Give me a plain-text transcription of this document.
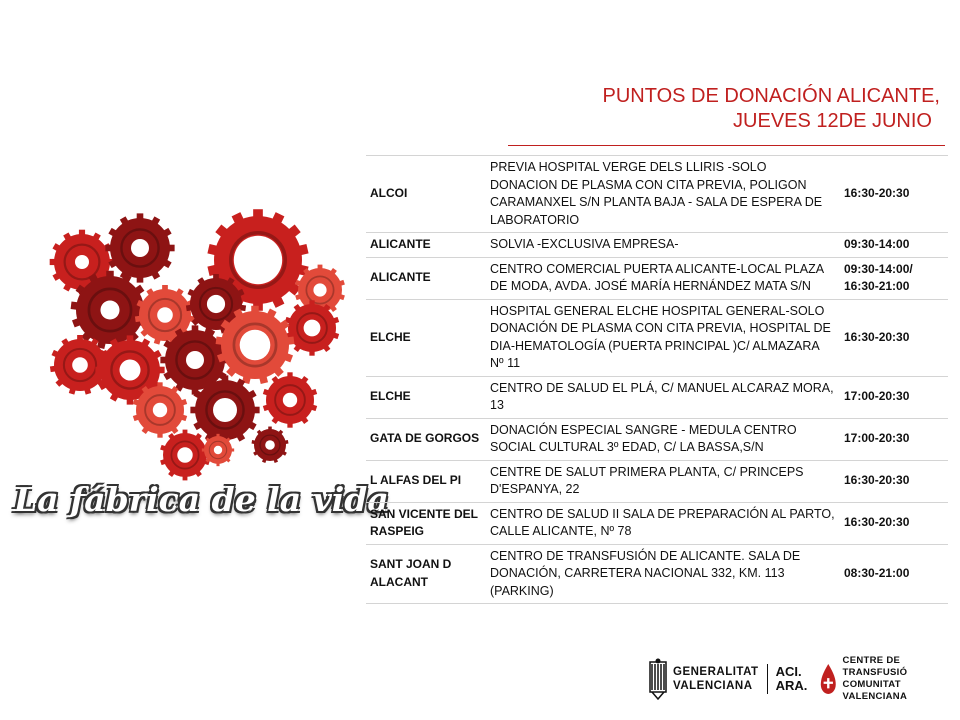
PUNTOS DE DONACIÓN ALICANTE,
JUEVES 12DE JUNIO
La fábrica de la vida
ALCOI	PREVIA HOSPITAL VERGE DELS LLIRIS -SOLO DONACION DE PLASMA CON CITA PREVIA, POLIGON CARAMANXEL S/N PLANTA BAJA - SALA DE ESPERA DE LABORATORIO	16:30-20:30
ALICANTE	SOLVIA -EXCLUSIVA EMPRESA-	09:30-14:00
ALICANTE	CENTRO COMERCIAL PUERTA ALICANTE-LOCAL PLAZA DE MODA, AVDA. JOSÉ MARÍA HERNÁNDEZ MATA S/N	09:30-14:00/
16:30-21:00
ELCHE	HOSPITAL GENERAL ELCHE HOSPITAL GENERAL-SOLO DONACIÓN DE PLASMA CON CITA PREVIA, HOSPITAL DE DIA-HEMATOLOGÍA (PUERTA PRINCIPAL )C/ ALMAZARA Nº 11	16:30-20:30
ELCHE	CENTRO DE SALUD EL PLÁ, C/ MANUEL ALCARAZ MORA, 13	17:00-20:30
GATA DE GORGOS	DONACIÓN ESPECIAL SANGRE - MEDULA CENTRO SOCIAL CULTURAL 3º EDAD, C/ LA BASSA,S/N	17:00-20:30
L ALFAS DEL PI	CENTRE DE SALUT PRIMERA PLANTA, C/ PRINCEPS D'ESPANYA, 22	16:30-20:30
SAN VICENTE DEL RASPEIG	CENTRO DE SALUD II SALA DE PREPARACIÓN AL PARTO, CALLE ALICANTE, Nº 78	16:30-20:30
SANT JOAN D ALACANT	CENTRO DE TRANSFUSIÓN DE ALICANTE. SALA DE DONACIÓN, CARRETERA NACIONAL 332, KM. 113 (PARKING)	08:30-21:00
GENERALITAT
VALENCIANA
ACI.
ARA.
CENTRE DE TRANSFUSIÓ
COMUNITAT VALENCIANA
